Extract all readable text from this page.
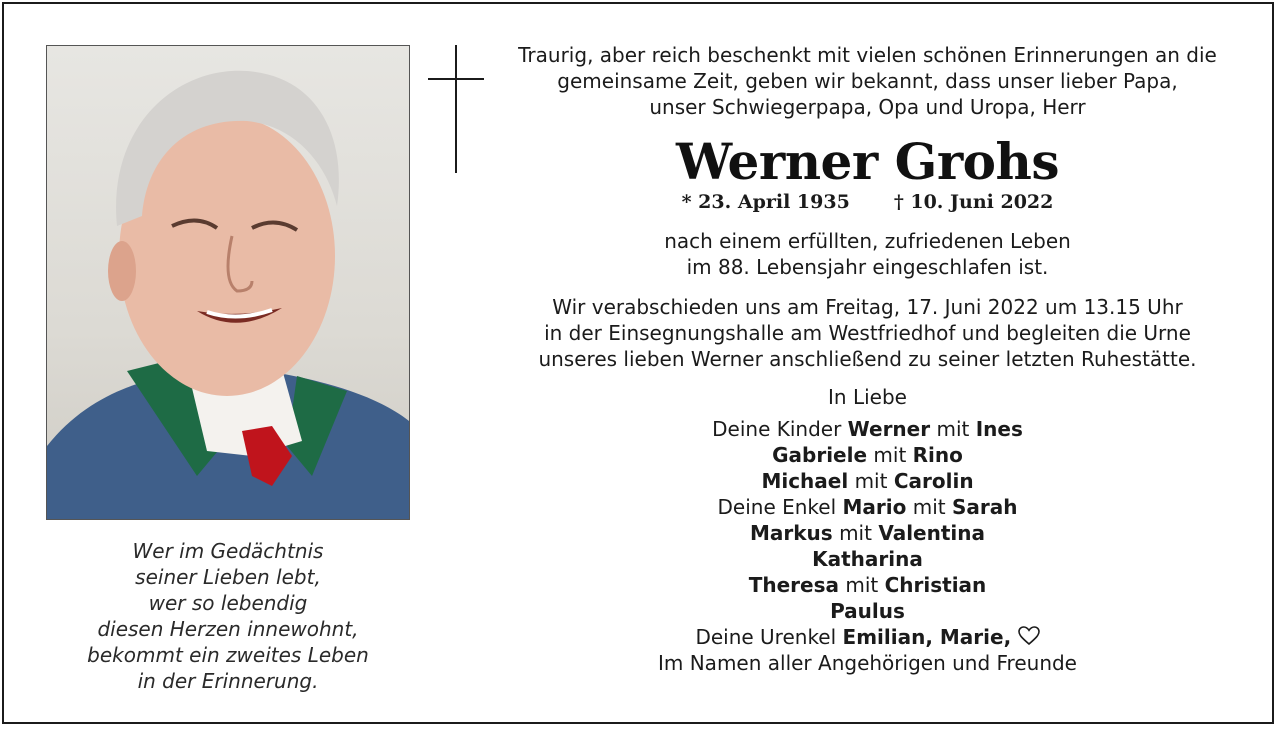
Wer im Gedächtnis
seiner Lieben lebt,
wer so lebendig
diesen Herzen innewohnt,
bekommt ein zweites Leben
in der Erinnerung.
Traurig, aber reich beschenkt mit vielen schönen Erinnerungen an die
gemeinsame Zeit, geben wir bekannt, dass unser lieber Papa,
unser Schwiegerpapa, Opa und Uropa, Herr
Werner Grohs
* 23. April 1935 † 10. Juni 2022
nach einem erfüllten, zufriedenen Leben
im 88. Lebensjahr eingeschlafen ist.
Wir verabschieden uns am Freitag, 17. Juni 2022 um 13.15 Uhr
in der Einsegnungshalle am Westfriedhof und begleiten die Urne
unseres lieben Werner anschließend zu seiner letzten Ruhestätte.
In Liebe
Deine Kinder Werner mit Ines
Gabriele mit Rino
Michael mit Carolin
Deine Enkel Mario mit Sarah
Markus mit Valentina
Katharina
Theresa mit Christian
Paulus
Deine Urenkel Emilian, Marie,
Im Namen aller Angehörigen und Freunde
